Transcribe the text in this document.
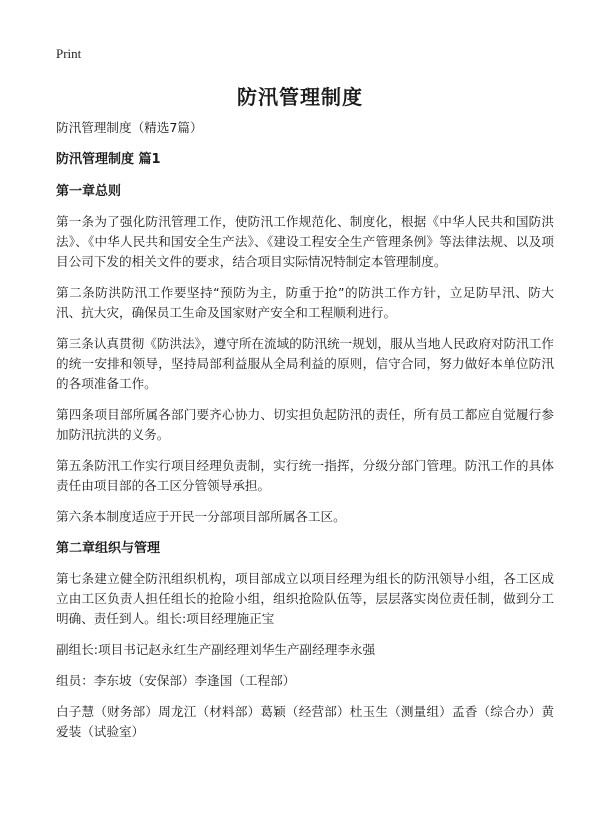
Print
防汛管理制度

防汛管理制度（精选7篇）

防汛管理制度 篇1

第一章总则

第一条为了强化防汛管理工作，使防汛工作规范化、制度化，根据《中华人民共和国防洪法》、《中华人民共和国安全生产法》、《建设工程安全生产管理条例》等法律法规、以及项目公司下发的相关文件的要求，结合项目实际情况特制定本管理制度。

第二条防洪防汛工作要坚持“预防为主，防重于抢”的防洪工作方针，立足防早汛、防大汛、抗大灾，确保员工生命及国家财产安全和工程顺利进行。

第三条认真贯彻《防洪法》，遵守所在流域的防汛统一规划，服从当地人民政府对防汛工作的统一安排和领导，坚持局部利益服从全局利益的原则，信守合同，努力做好本单位防汛的各项准备工作。

第四条项目部所属各部门要齐心协力、切实担负起防汛的责任，所有员工都应自觉履行参加防汛抗洪的义务。

第五条防汛工作实行项目经理负责制，实行统一指挥，分级分部门管理。防汛工作的具体责任由项目部的各工区分管领导承担。

第六条本制度适应于开民一分部项目部所属各工区。

第二章组织与管理

第七条建立健全防汛组织机构，项目部成立以项目经理为组长的防汛领导小组，各工区成立由工区负责人担任组长的抢险小组，组织抢险队伍等，层层落实岗位责任制，做到分工明确、责任到人。组长:项目经理施正宝

副组长:项目书记赵永红生产副经理刘华生产副经理李永强

组员：李东坡（安保部）李逢国（工程部）

白子慧（财务部）周龙江（材料部）葛颖（经营部）杜玉生（测量组）孟香（综合办）黄爱装（试验室）
